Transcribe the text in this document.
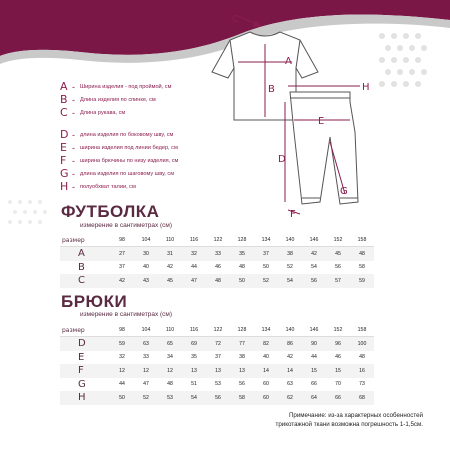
A - Ширина изделия - под проймой, см
B - Длина изделия по спинке, см
C - Длина рукава, см
D - длина изделия по боковому шву, см
E - ширина изделия под линии бедер, см
F - ширина брючины по низу изделия, см
G - длина изделия по шаговому шву, см
H - полуобхват талии, см
C
A
B	H
E
D
G
F
ФУТБОЛКА
измерение в сантиметрах (см)
размер	98	104	110	116	122	128	134	140	146	152	158
A	27	30	31	32	33	35	37	38	42	45	48
B	37	40	42	44	46	48	50	52	54	56	58
C	42	43	45	47	48	50	52	54	56	57	59
БРЮКИ
измерение в сантиметрах (см)
размер	98	104	110	116	122	128	134	140	146	152	158
D	59	63	65	69	72	77	82	86	90	96	100
E	32	33	34	35	37	38	40	42	44	46	48
F	12	12	12	13	13	13	14	14	15	15	16
G	44	47	48	51	53	56	60	63	66	70	73
H	50	52	53	54	56	58	60	62	64	66	68
Примечание: из-за характерных особенностей
трикотажной ткани возможна погрешность 1-1,5см.
